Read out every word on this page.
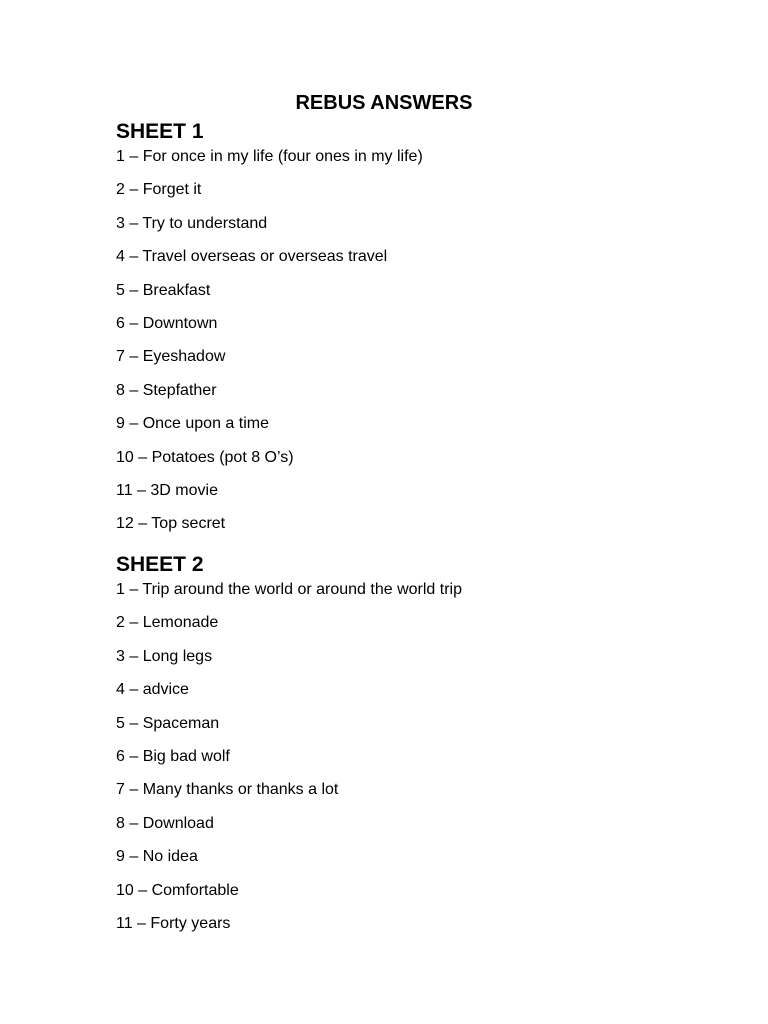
REBUS ANSWERS
SHEET 1
1 – For once in my life (four ones in my life)
2 – Forget it
3 – Try to understand
4 – Travel overseas or overseas travel
5 – Breakfast
6 – Downtown
7 – Eyeshadow
8 – Stepfather
9 – Once upon a time
10 – Potatoes (pot 8 O’s)
11 – 3D movie
12 – Top secret
SHEET 2
1 – Trip around the world or around the world trip
2 – Lemonade
3 – Long legs
4 – advice
5 – Spaceman
6 – Big bad wolf
7 – Many thanks or thanks a lot
8 – Download
9 – No idea
10 – Comfortable
11 – Forty years
